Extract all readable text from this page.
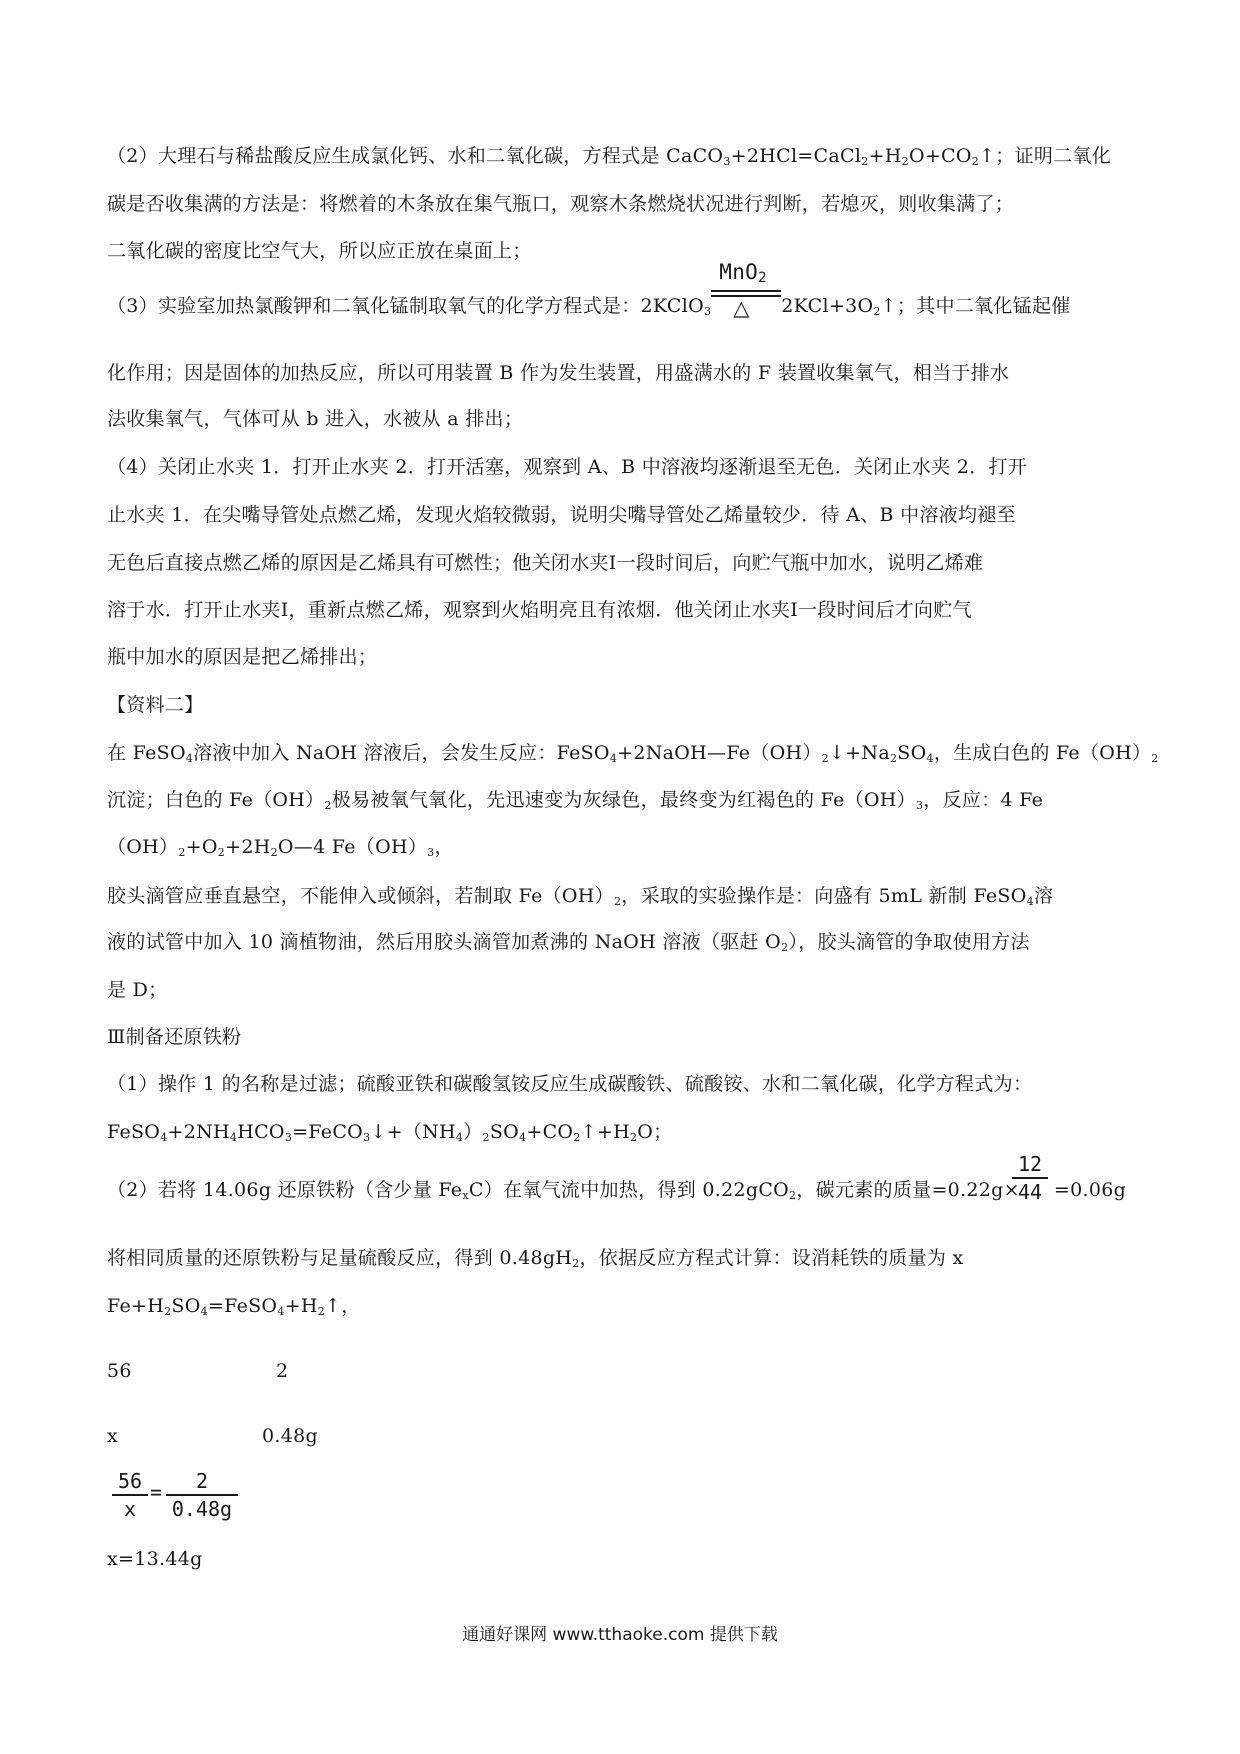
（2）大理石与稀盐酸反应生成氯化钙、水和二氧化碳，方程式是 $CaCO_3+2HCl=CaCl_2+H_2O+CO_2↑$；证明二氧化
碳是否收集满的方法是：将燃着的木条放在集气瓶口，观察木条燃烧状况进行判断，若熄灭，则收集满了；
二氧化碳的密度比空气大，所以应正放在桌面上；
（3）实验室加热氯酸钾和二氧化锰制取氧气的化学方程式是：2KClO$_3$
MnO$_2$
△ $2KCl+3O_2↑$；其中二氧化锰起催
化作用；因是固体的加热反应，所以可用装置 B 作为发生装置，用盛满水的 F 装置收集氧气，相当于排水
法收集氧气，气体可从 b 进入，水被从 a 排出；
（4）关闭止水夹 1．打开止水夹 2．打开活塞，观察到 A、B 中溶液均逐渐退至无色．关闭止水夹 2．打开
止水夹 1．在尖嘴导管处点燃乙烯，发现火焰较微弱，说明尖嘴导管处乙烯量较少．待 A、B 中溶液均褪至
无色后直接点燃乙烯的原因是乙烯具有可燃性；他关闭水夹Ⅰ一段时间后，向贮气瓶中加水，说明乙烯难
溶于水．打开止水夹Ⅰ，重新点燃乙烯，观察到火焰明亮且有浓烟．他关闭止水夹Ⅰ一段时间后才向贮气
瓶中加水的原因是把乙烯排出；
【资料二】
在 FeSO$_4$溶液中加入 NaOH 溶液后，会发生反应：$FeSO_4+2NaOH—Fe(OH)_2↓+Na_2SO_4$，生成白色的 $Fe(OH)_2$
沉淀；白色的 $Fe(OH)_2$极易被氧气氧化，先迅速变为灰绿色，最终变为红褐色的 $Fe(OH)_3$，反应：4 Fe
$(OH)_2+O_2+2H_2O—4$ $Fe(OH)_3$，
胶头滴管应垂直悬空，不能伸入或倾斜，若制取 $Fe(OH)_2$，采取的实验操作是：向盛有 5mL 新制 FeSO$_4$溶
液的试管中加入 10 滴植物油，然后用胶头滴管加煮沸的 NaOH 溶液（驱赶 $O_2$），胶头滴管的争取使用方法
是 D；
Ⅲ制备还原铁粉
（1）操作 1 的名称是过滤；硫酸亚铁和碳酸氢铵反应生成碳酸铁、硫酸铵、水和二氧化碳，化学方程式为：
$FeSO_4+2NH_4HCO_3=FeCO_3↓+(NH_4)_2SO_4+CO_2↑+H_2O$；
（2）若将 14.06g 还原铁粉（含少量 $Fe_xC$）在氧气流中加热，得到 0.22gCO$_2$，碳元素的质量=0.22g× =0.06g
12
44
将相同质量的还原铁粉与足量硫酸反应，得到 $0.48gH_2$，依据反应方程式计算：设消耗铁的质量为 x
$Fe+H_2SO_4=FeSO_4+H_2↑$，
56	2
x	0.48g
56
x
=	2
0.48g
x=13.44g
通通好课网 www.tthaoke.com 提供下载
